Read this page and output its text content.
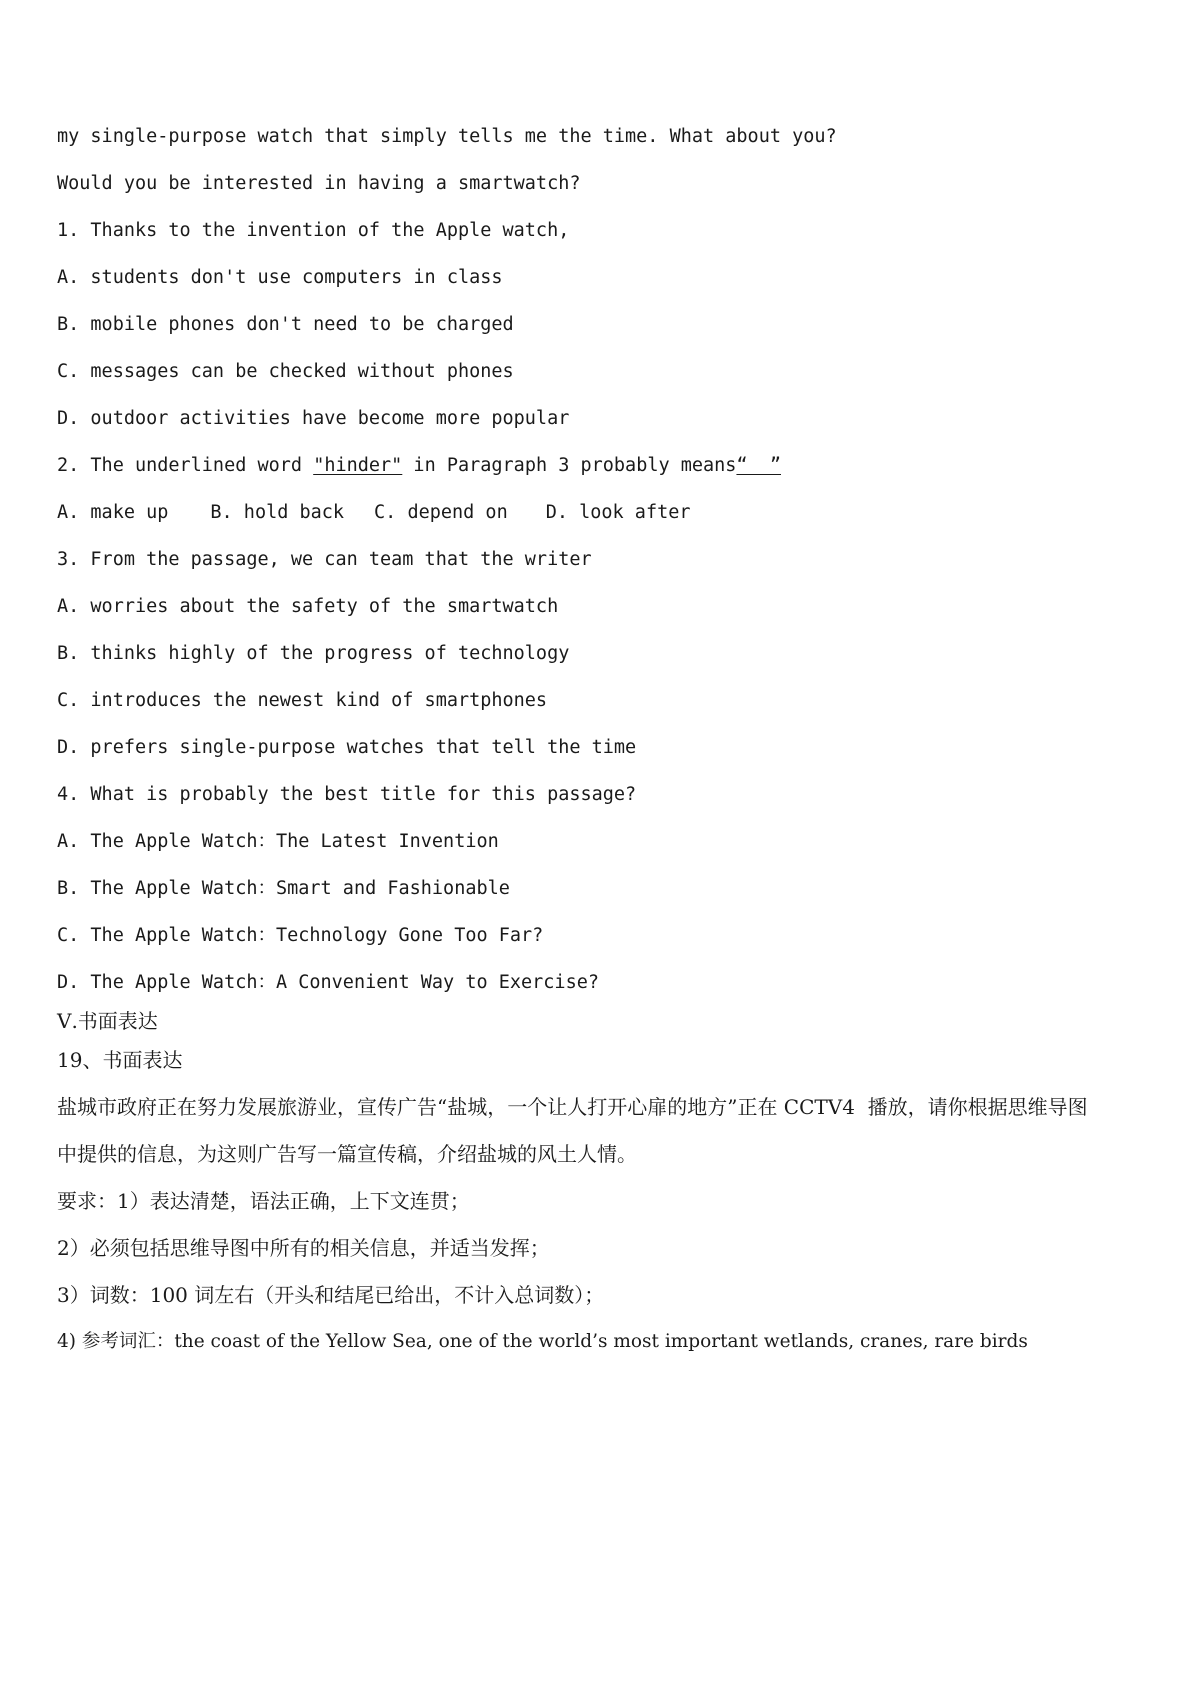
my single-purpose watch that simply tells me the time. What about you?
Would you be interested in having a smartwatch?
1. Thanks to the invention of the Apple watch,
A. students don't use computers in class
B. mobile phones don't need to be charged
C. messages can be checked without phones
D. outdoor activities have become more popular
2. The underlined word "hinder" in Paragraph 3 probably means“  ”
A. make up B. hold back C. depend on D. look after
3. From the passage, we can team that the writer
A. worries about the safety of the smartwatch
B. thinks highly of the progress of technology
C. introduces the newest kind of smartphones
D. prefers single-purpose watches that tell the time
4. What is probably the best title for this passage?
A. The Apple Watch：The Latest Invention
B. The Apple Watch：Smart and Fashionable
C. The Apple Watch：Technology Gone Too Far?
D. The Apple Watch：A Convenient Way to Exercise?
Ⅴ.书面表达
19、书面表达
盐城市政府正在努力发展旅游业，宣传广告“盐城，一个让人打开心扉的地方”正在 CCTV4  播放，请你根据思维导图
中提供的信息，为这则广告写一篇宣传稿，介绍盐城的风土人情。
要求：1）表达清楚，语法正确，上下文连贯；
2）必须包括思维导图中所有的相关信息，并适当发挥；
3）词数：100 词左右（开头和结尾已给出，不计入总词数）；
4) 参考词汇：the coast of the Yellow Sea, one of the world’s most important wetlands, cranes, rare birds
